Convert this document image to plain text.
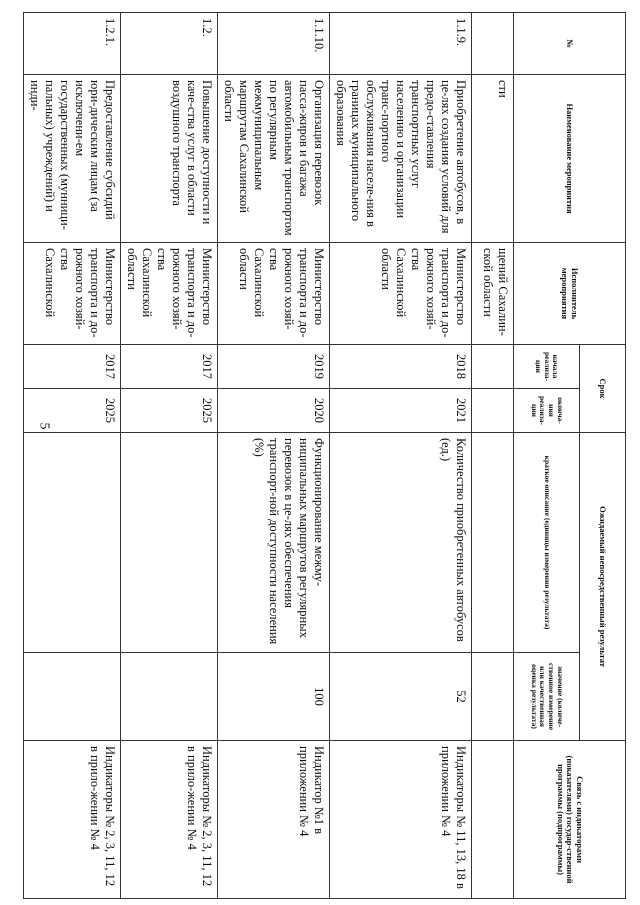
5
№	Наименование мероприятия	Исполнитель мероприятия	Срок		Ожидаемый непосредственный результат		Связь с индикаторами (показателями) государ-ственной программы (подпрограммы)
			начала реализа-ции	оконча-ния реализа-ции	краткое описание (единицы измерения результата)	значение (количе-ственное измерение или качественная оценка результата)	
	сти	щений Сахалин-ской области					
1.1.9.	Приобретение автобусов, в це-лях создания условий для предо-ставления транспортных услуг населению и организации транс-портного обслуживания населе-ния в границах муниципального образования	Министерство транспорта и до-рожного хозяй-ства Сахалинской области	2018	2021	Количество приобретенных автобусов (ед.)	52	Индикаторы № 11, 13, 18 в приложении № 4
1.1.10.	Организация перевозок пасса-жиров и багажа автомобильным транспортом по регулярным межмуниципальным маршрутам Сахалинской области	Министерство транспорта и до-рожного хозяй-ства Сахалинской области	2019	2020	Функционирование межму-ниципальных маршрутов регулярных перевозок в це-лях обеспечения транспорт-ной доступности населения (%)	100	Индикатор №1 в приложении № 4
1.2.	Повышение доступности и каче-ства услуг в области воздушного транспорта	Министерство транспорта и до-рожного хозяй-ства Сахалинской области	2017	2025			Индикаторы № 2, 3, 11, 12 в прило-жении № 4
1.2.1.	Предоставление субсидий юри-дическим лицам (за исключени-ем государственных (мунници-пальных) учреждений) и инди-	Министерство транспорта и до-рожного хозяй-ства Сахалинской	2017	2025			Индикаторы № 2, 3, 11, 12 в прило-жении № 4
